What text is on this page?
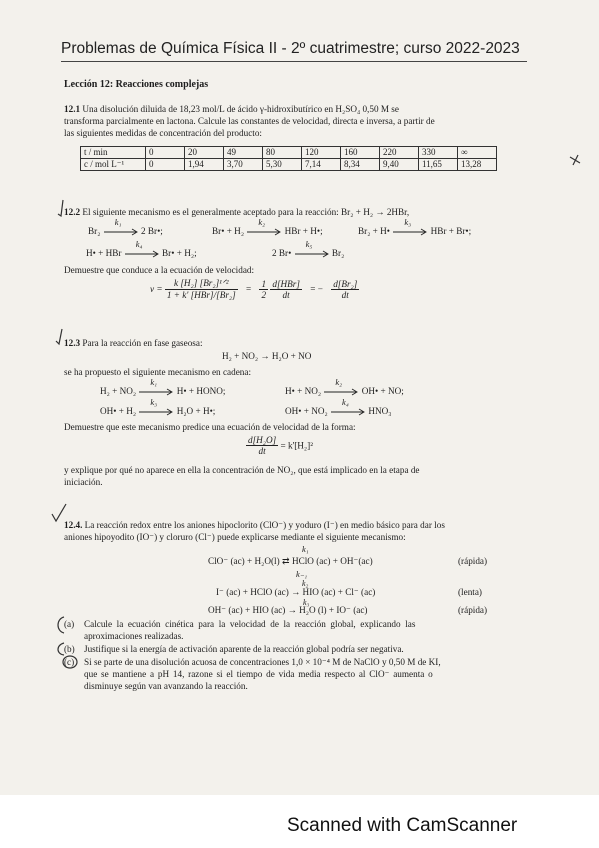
Problemas de Química Física II - 2º cuatrimestre; curso 2022-2023
Lección 12: Reacciones complejas
12.1 Una disolución diluida de 18,23 mol/L de ácido γ-hidroxibutírico en H₂SO₄ 0,50 M se
transforma parcialmente en lactona. Calcule las constantes de velocidad, directa e inversa, a partir de
las siguientes medidas de concentración del producto:
t / min	0	20	49	80	120	160	220	330	∞
c / mol L⁻¹	0	1,94	3,70	5,30	7,14	8,34	9,40	11,65	13,28
12.2 El siguiente mecanismo es el generalmente aceptado para la reacción: Br₂ + H₂ → 2HBr,
Br₂
k₁
2 Br•;	Br• + H₂
k₂
HBr + H•;	Br₂ + H•
k₃
HBr + Br•;
H• + HBr
k₄
Br• + H₂;	2 Br•
k₅
Br₂
Demuestre que conduce a la ecuación de velocidad:
$v = \frac{\text{k [H₂] [Br₂]¹ᐟ²}}{\text{1 + k' [HBr]/[Br₂]}} = \frac{1}{2}$
$\frac{\text{d[HBr]}}{dt}$ = − $\frac{\text{d[Br₂]}}{dt}$
12.3 Para la reacción en fase gaseosa:
H₂ + NO₂ → H₂O + NO
se ha propuesto el siguiente mecanismo en cadena:
H₂ + NO₂
k₁
H• + HONO;	H• + NO₂
k₂
OH• + NO;
OH• + H₂
k₃
H₂O + H•;	OH• + NO₂
k₄
HNO₃
Demuestre que este mecanismo predice una ecuación de velocidad de la forma:
$\frac{\text{d[H₂O]}}{dt} = k'[H_2]^2$
y explique por qué no aparece en ella la concentración de NO₂, que está implicado en la etapa de
iniciación.
12.4. La reacción redox entre los aniones hipoclorito (ClO⁻) y yoduro (I⁻) en medio básico para dar los
aniones hipoyodito (IO⁻) y cloruro (Cl⁻) puede explicarse mediante el siguiente mecanismo:
k₁
ClO⁻ (ac) + H₂O(l) ⇄ HClO (ac) + OH⁻(ac)	(rápida)
k₋₁
k₂
I⁻ (ac) + HClO (ac) → HIO (ac) + Cl⁻ (ac)	(lenta)
k₃
OH⁻ (ac) + HIO (ac) → H₂O (l) + IO⁻ (ac)	(rápida)
(a) Calcule la ecuación cinética para la velocidad de la reacción global, explicando las
aproximaciones realizadas.
(b) Justifique si la energía de activación aparente de la reacción global podría ser negativa.
(c) Si se parte de una disolución acuosa de concentraciones 1,0 × 10⁻⁴ M de NaClO y 0,50 M de KI,
que se mantiene a pH 14, razone si el tiempo de vida media respecto al ClO⁻ aumenta o
disminuye según van avanzando la reacción.
Scanned with CamScanner
